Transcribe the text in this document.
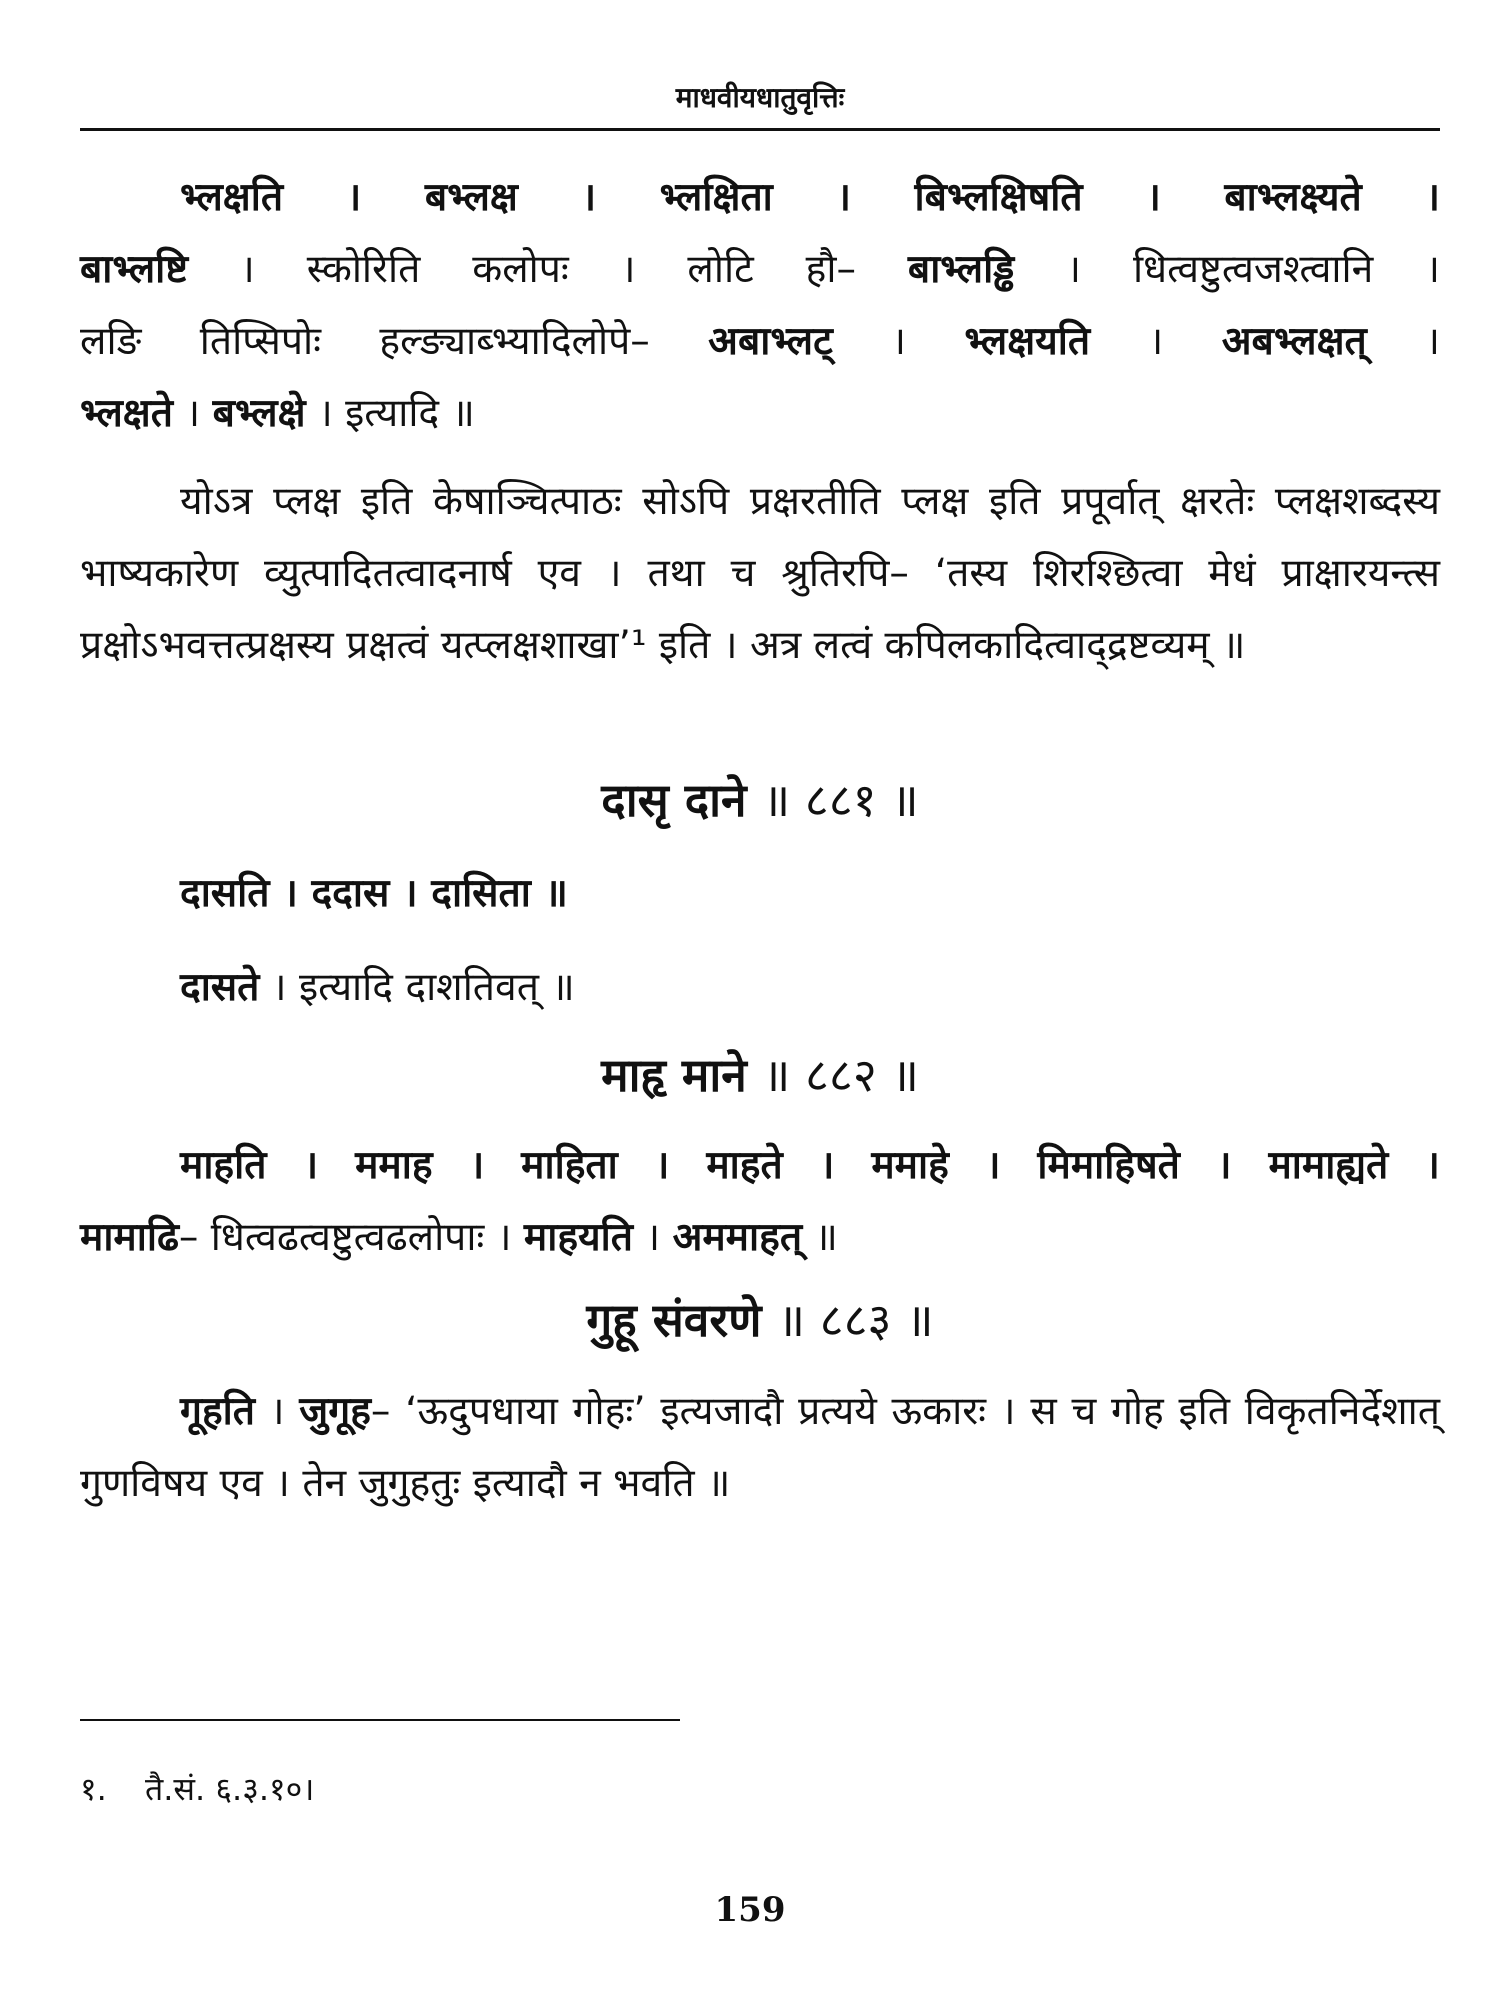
माधवीयधातुवृत्तिः
भ्लक्षति । बभ्लक्ष । भ्लक्षिता । बिभ्लक्षिषति । बाभ्लक्ष्यते ।
बाभ्लष्टि । स्कोरिति कलोपः । लोटि हौ– बाभ्लड्ढि । धित्वष्टुत्वजश्त्वानि ।
लङि तिप्सिपोः हल्ङ्याब्भ्यादिलोपे– अबाभ्लट् । भ्लक्षयति । अबभ्लक्षत् ।
भ्लक्षते । बभ्लक्षे । इत्यादि ॥

योऽत्र प्लक्ष इति केषाञ्चित्पाठः सोऽपि प्रक्षरतीति प्लक्ष इति प्रपूर्वात् क्षरतेः प्लक्षशब्दस्य भाष्यकारेण व्युत्पादितत्वादनार्ष एव । तथा च श्रुतिरपि– ‘तस्य शिरश्छित्वा मेधं प्राक्षारयन्त्स प्रक्षोऽभवत्तत्प्रक्षस्य प्रक्षत्वं यत्प्लक्षशाखा’¹ इति । अत्र लत्वं कपिलकादित्वाद्द्रष्टव्यम् ॥

दासृ दाने ॥ ८८१ ॥

दासति । ददास । दासिता ॥

दासते । इत्यादि दाशतिवत् ॥

माहृ माने ॥ ८८२ ॥
माहति । ममाह । माहिता । माहते । ममाहे । मिमाहिषते । मामाह्यते ।
मामाढि– धित्वढत्वष्टुत्वढलोपाः । माहयति । अममाहत् ॥
गुहू संवरणे ॥ ८८३ ॥

गूहति । जुगूह– ‘ऊदुपधाया गोहः’ इत्यजादौ प्रत्यये ऊकारः । स च गोह इति विकृतनिर्देशात् गुणविषय एव । तेन जुगुहतुः इत्यादौ न भवति ॥

१. तै.सं. ६.३.१०।
159
